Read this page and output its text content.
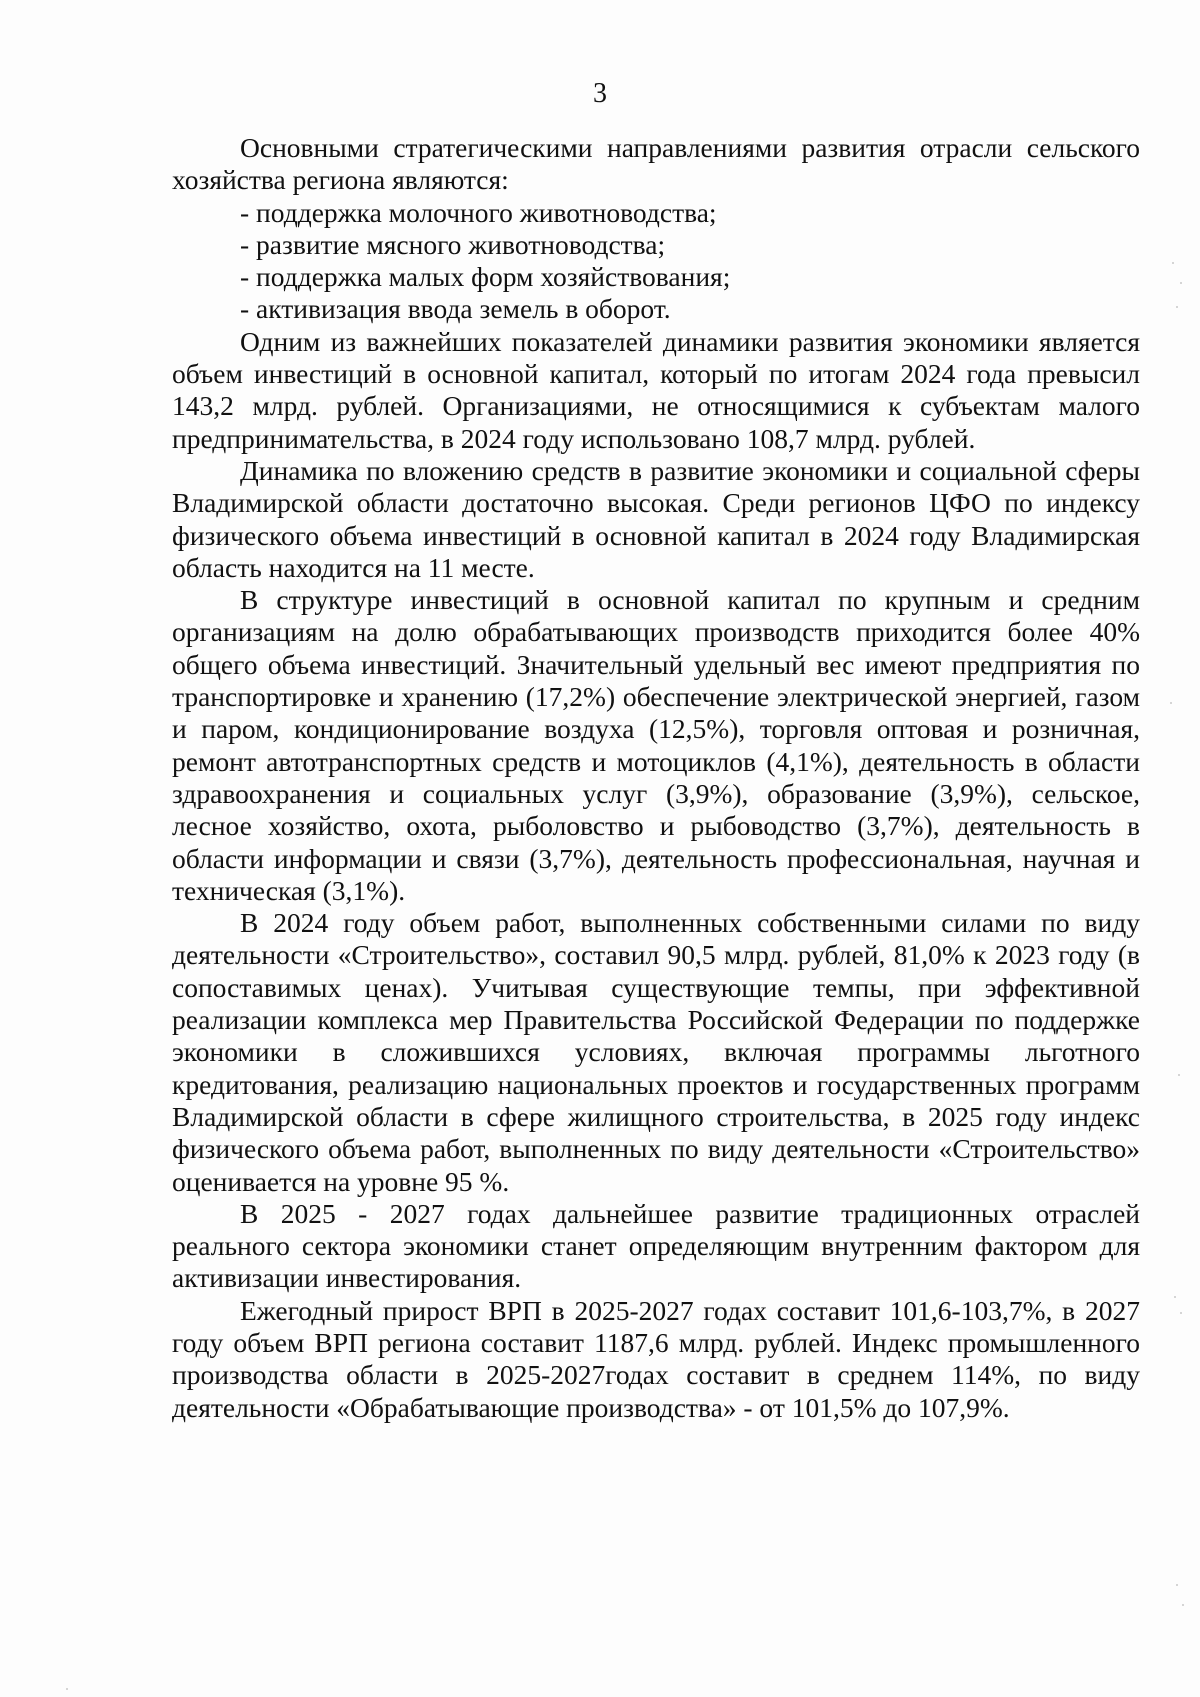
3

Основными стратегическими направлениями развития отрасли сельского хозяйства региона являются:

- поддержка молочного животноводства;
- развитие мясного животноводства;
- поддержка малых форм хозяйствования;
- активизация ввода земель в оборот.

Одним из важнейших показателей динамики развития экономики является объем инвестиций в основной капитал, который по итогам 2024 года превысил 143,2 млрд. рублей. Организациями, не относящимися к субъектам малого предпринимательства, в 2024 году использовано 108,7 млрд. рублей.

Динамика по вложению средств в развитие экономики и социальной сферы Владимирской области достаточно высокая. Среди регионов ЦФО по индексу физического объема инвестиций в основной капитал в 2024 году Владимирская область находится на 11 месте.

В структуре инвестиций в основной капитал по крупным и средним организациям на долю обрабатывающих производств приходится более 40% общего объема инвестиций. Значительный удельный вес имеют предприятия по транспортировке и хранению (17,2%) обеспечение электрической энергией, газом и паром, кондиционирование воздуха (12,5%), торговля оптовая и розничная, ремонт автотранспортных средств и мотоциклов (4,1%), деятельность в области здравоохранения и социальных услуг (3,9%), образование (3,9%), сельское, лесное хозяйство, охота, рыболовство и рыбоводство (3,7%), деятельность в области информации и связи (3,7%), деятельность профессиональная, научная и техническая (3,1%).

В 2024 году объем работ, выполненных собственными силами по виду деятельности «Строительство», составил 90,5 млрд. рублей, 81,0% к 2023 году (в сопоставимых ценах). Учитывая существующие темпы, при эффективной реализации комплекса мер Правительства Российской Федерации по поддержке экономики в сложившихся условиях, включая программы льготного кредитования, реализацию национальных проектов и государственных программ Владимирской области в сфере жилищного строительства, в 2025 году индекс физического объема работ, выполненных по виду деятельности «Строительство» оценивается на уровне 95 %.

В 2025 - 2027 годах дальнейшее развитие традиционных отраслей реального сектора экономики станет определяющим внутренним фактором для активизации инвестирования.

Ежегодный прирост ВРП в 2025-2027 годах составит 101,6-103,7%, в 2027 году объем ВРП региона составит 1187,6 млрд. рублей. Индекс промышленного производства области в 2025-2027годах составит в среднем 114%, по виду деятельности «Обрабатывающие производства» - от 101,5% до 107,9%.
